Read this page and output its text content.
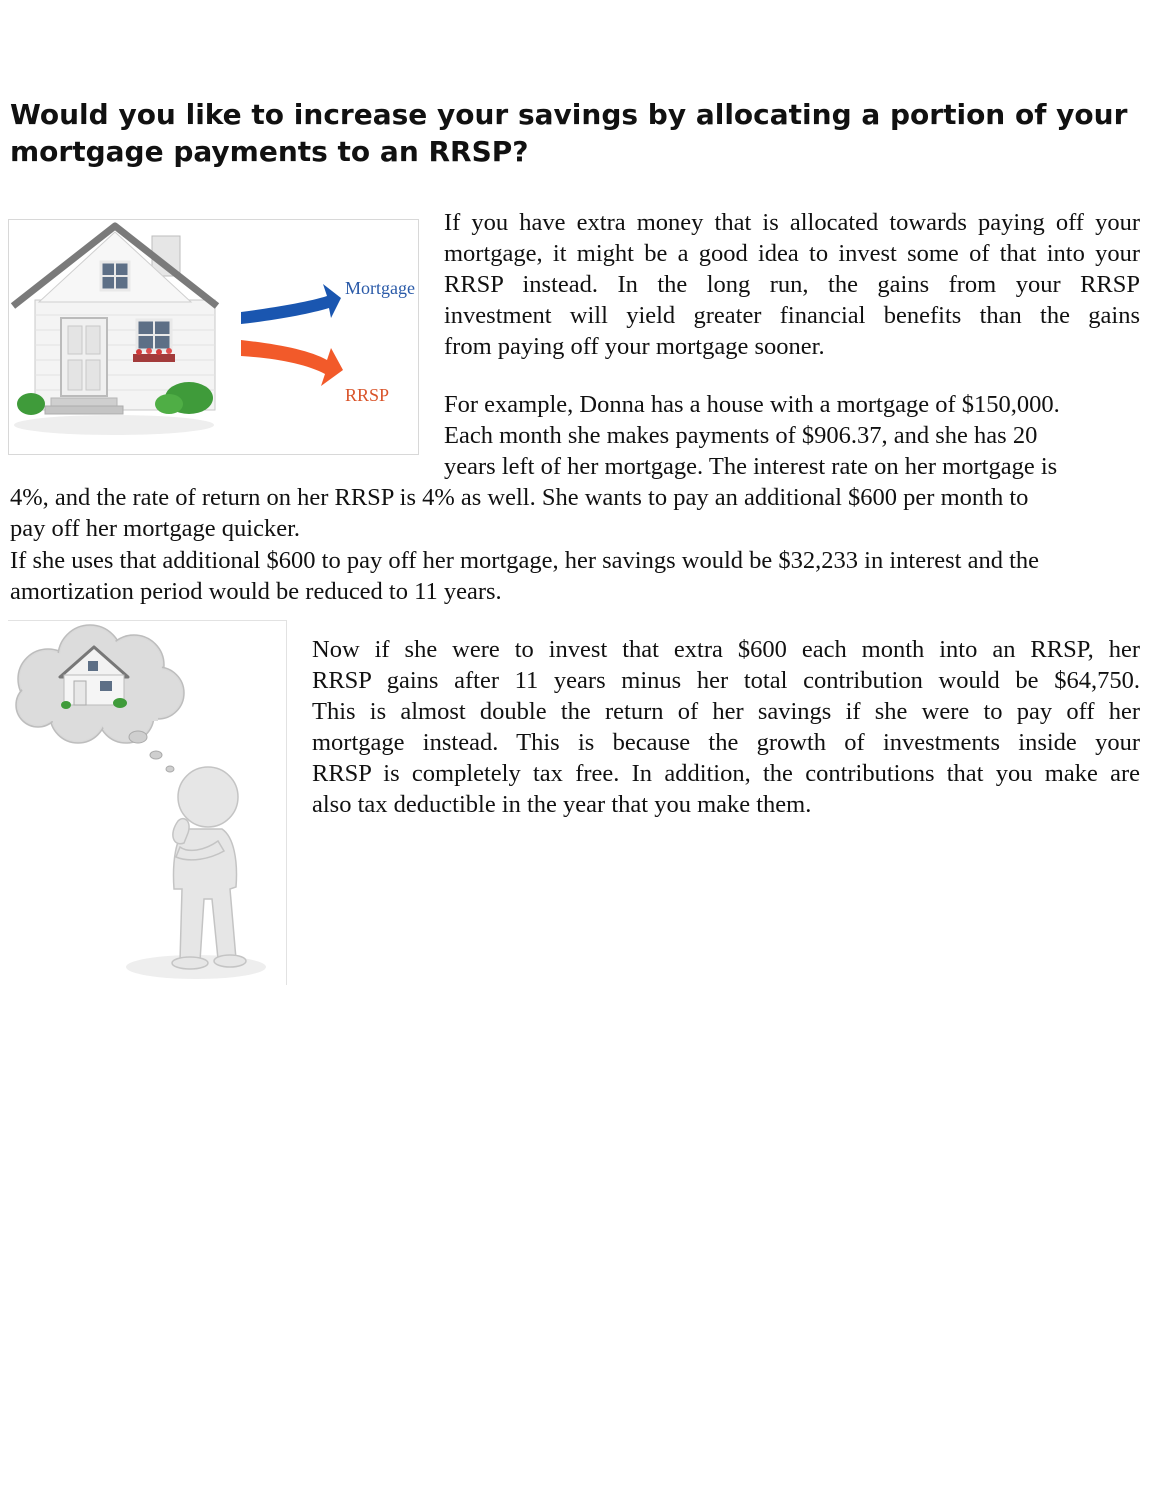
Would you like to increase your savings by allocating a portion of your mortgage payments to an RRSP?
Mortgage
RRSP
If you have extra money that is allocated towards paying off your
mortgage, it might be a good idea to invest some of that into your
RRSP instead. In the long run, the gains from your RRSP
investment will yield greater financial benefits than the gains
from paying off your mortgage sooner.
For example, Donna has a house with a mortgage of $150,000.
Each month she makes payments of $906.37, and she has 20
years left of her mortgage. The interest rate on her mortgage is
4%, and the rate of return on her RRSP is 4% as well. She wants to pay an additional $600 per month to
pay off her mortgage quicker.
If she uses that additional $600 to pay off her mortgage, her savings would be $32,233 in interest and the
amortization period would be reduced to 11 years.
Now if she were to invest that extra $600 each month into an RRSP, her
RRSP gains after 11 years minus her total contribution would be $64,750.
This is almost double the return of her savings if she were to pay off her
mortgage instead. This is because the growth of investments inside your
RRSP is completely tax free. In addition, the contributions that you make are
also tax deductible in the year that you make them.
